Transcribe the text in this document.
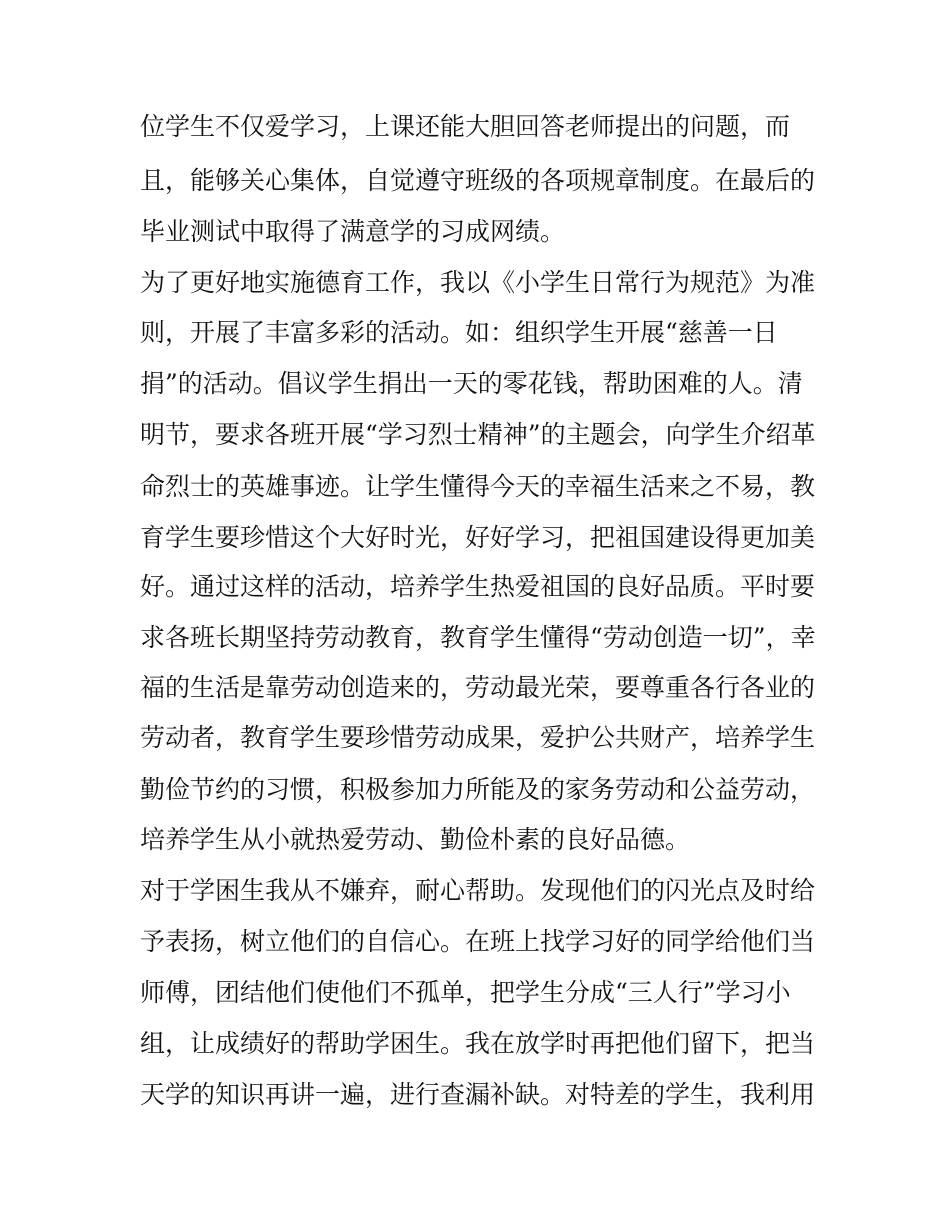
位学生不仅爱学习，上课还能大胆回答老师提出的问题，而
且，能够关心集体，自觉遵守班级的各项规章制度。在最后的
毕业测试中取得了满意学的习成网绩。
为了更好地实施德育工作，我以《小学生日常行为规范》为准
则，开展了丰富多彩的活动。如：组织学生开展“慈善一日
捐”的活动。倡议学生捐出一天的零花钱，帮助困难的人。清
明节，要求各班开展“学习烈士精神”的主题会，向学生介绍革
命烈士的英雄事迹。让学生懂得今天的幸福生活来之不易，教
育学生要珍惜这个大好时光，好好学习，把祖国建设得更加美
好。通过这样的活动，培养学生热爱祖国的良好品质。平时要
求各班长期坚持劳动教育，教育学生懂得“劳动创造一切”，幸
福的生活是靠劳动创造来的，劳动最光荣，要尊重各行各业的
劳动者，教育学生要珍惜劳动成果，爱护公共财产，培养学生
勤俭节约的习惯，积极参加力所能及的家务劳动和公益劳动，
培养学生从小就热爱劳动、勤俭朴素的良好品德。
对于学困生我从不嫌弃，耐心帮助。发现他们的闪光点及时给
予表扬，树立他们的自信心。在班上找学习好的同学给他们当
师傅，团结他们使他们不孤单，把学生分成“三人行”学习小
组，让成绩好的帮助学困生。我在放学时再把他们留下，把当
天学的知识再讲一遍，进行查漏补缺。对特差的学生，我利用
